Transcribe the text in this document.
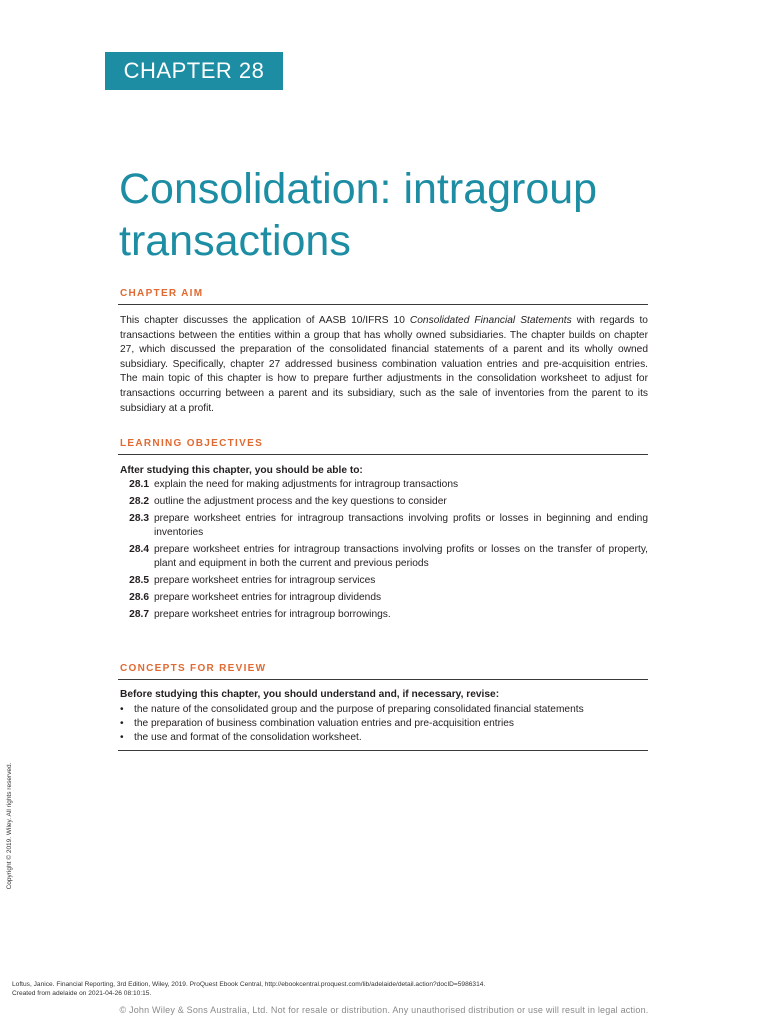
CHAPTER 28
Consolidation: intragroup
transactions
CHAPTER AIM

This chapter discusses the application of AASB 10/IFRS 10 Consolidated Financial Statements with regards to transactions between the entities within a group that has wholly owned subsidiaries. The chapter builds on chapter 27, which discussed the preparation of the consolidated financial statements of a parent and its wholly owned subsidiary. Specifically, chapter 27 addressed business combination valuation entries and pre-acquisition entries. The main topic of this chapter is how to prepare further adjustments in the consolidation worksheet to adjust for transactions occurring between a parent and its subsidiary, such as the sale of inventories from the parent to its subsidiary at a profit.

LEARNING OBJECTIVES

After studying this chapter, you should be able to:

28.1 explain the need for making adjustments for intragroup transactions
28.2 outline the adjustment process and the key questions to consider
28.3 prepare worksheet entries for intragroup transactions involving profits or losses in beginning and ending inventories
28.4 prepare worksheet entries for intragroup transactions involving profits or losses on the transfer of property, plant and equipment in both the current and previous periods
28.5 prepare worksheet entries for intragroup services
28.6 prepare worksheet entries for intragroup dividends
28.7 prepare worksheet entries for intragroup borrowings.
CONCEPTS FOR REVIEW

Before studying this chapter, you should understand and, if necessary, revise:

•	the nature of the consolidated group and the purpose of preparing consolidated financial statements
•	the preparation of business combination valuation entries and pre-acquisition entries
•	the use and format of the consolidation worksheet.
Copyright © 2019. Wiley. All rights reserved.
Loftus, Janice. Financial Reporting, 3rd Edition, Wiley, 2019. ProQuest Ebook Central, http://ebookcentral.proquest.com/lib/adelaide/detail.action?docID=5986314.
Created from adelaide on 2021-04-26 08:10:15.
© John Wiley & Sons Australia, Ltd. Not for resale or distribution. Any unauthorised distribution or use will result in legal action.
